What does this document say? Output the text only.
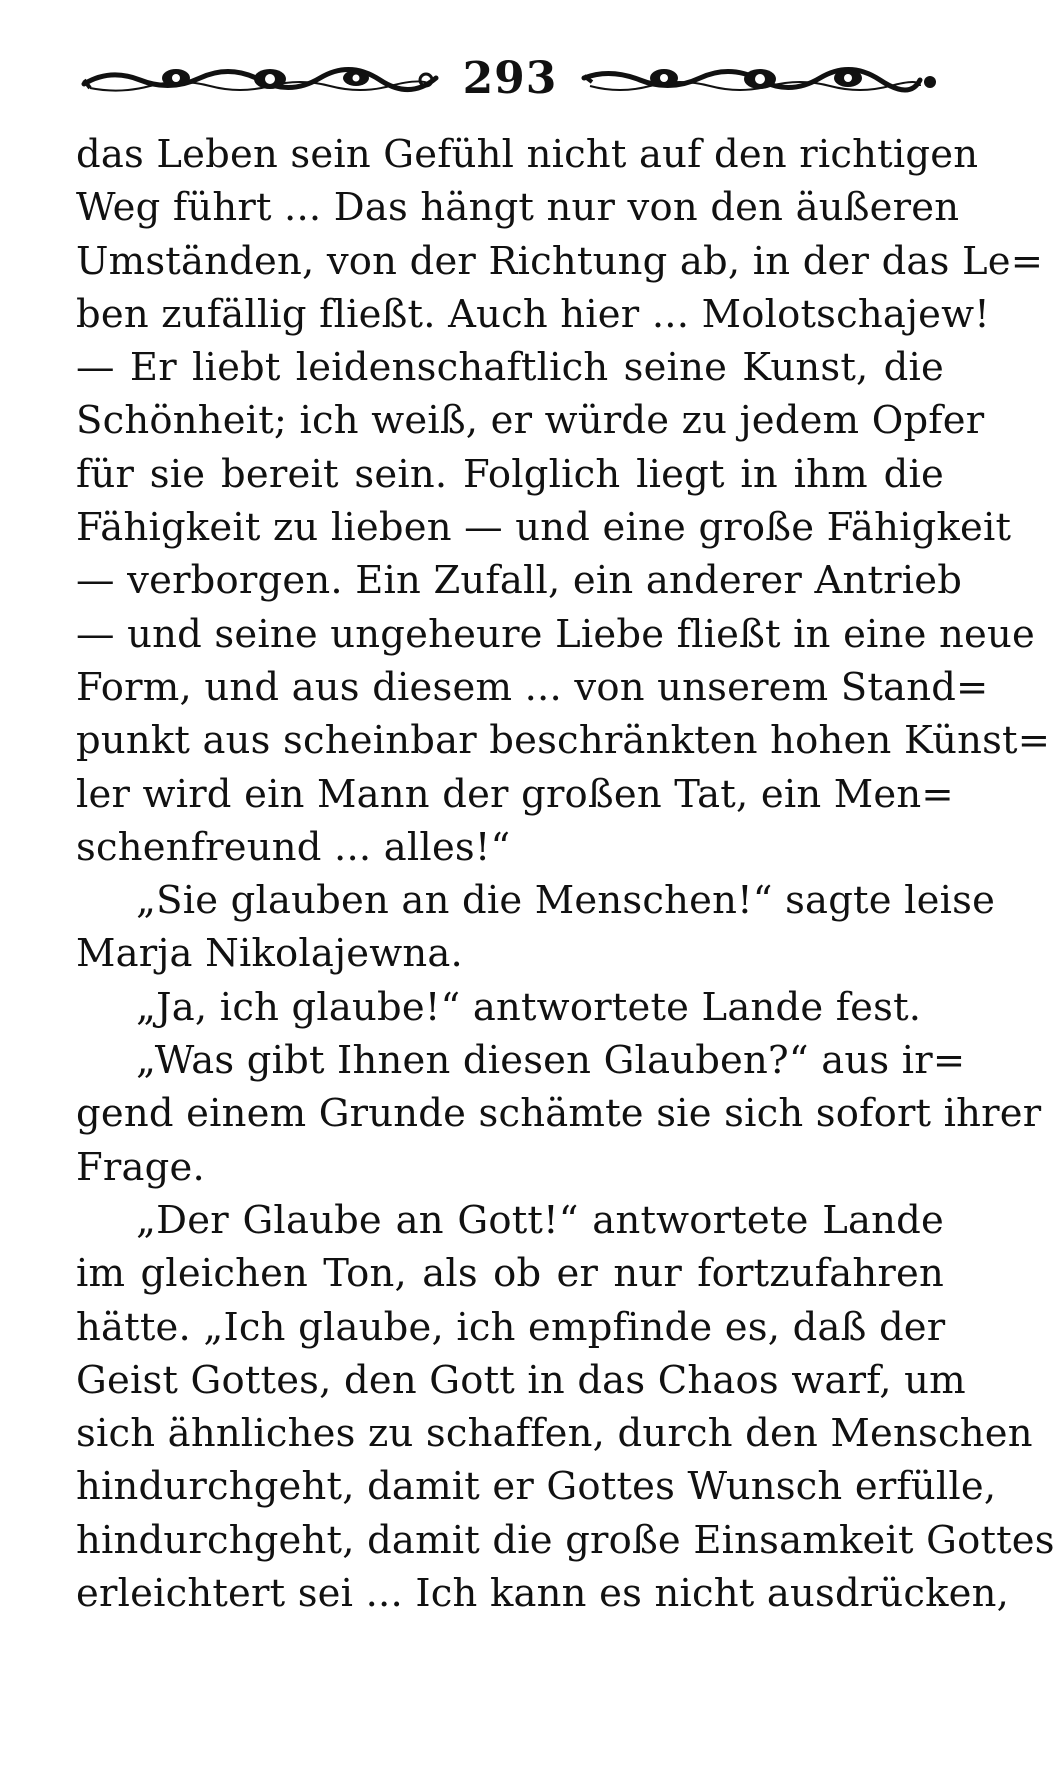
293
das Leben sein Gefühl nicht auf den richtigen
Weg führt ... Das hängt nur von den äußeren
Umständen, von der Richtung ab, in der das Le=
ben zufällig fließt. Auch hier ... Molotschajew!
— Er liebt leidenschaftlich seine Kunst, die
Schönheit; ich weiß, er würde zu jedem Opfer
für sie bereit sein. Folglich liegt in ihm die
Fähigkeit zu lieben — und eine große Fähigkeit
— verborgen. Ein Zufall, ein anderer Antrieb
— und seine ungeheure Liebe fließt in eine neue
Form, und aus diesem ... von unserem Stand=
punkt aus scheinbar beschränkten hohen Künst=
ler wird ein Mann der großen Tat, ein Men=
schenfreund ... alles!“
„Sie glauben an die Menschen!“ sagte leise
Marja Nikolajewna.
„Ja, ich glaube!“ antwortete Lande fest.
„Was gibt Ihnen diesen Glauben?“ aus ir=
gend einem Grunde schämte sie sich sofort ihrer
Frage.
„Der Glaube an Gott!“ antwortete Lande
im gleichen Ton, als ob er nur fortzufahren
hätte. „Ich glaube, ich empfinde es, daß der
Geist Gottes, den Gott in das Chaos warf, um
sich ähnliches zu schaffen, durch den Menschen
hindurchgeht, damit er Gottes Wunsch erfülle,
hindurchgeht, damit die große Einsamkeit Gottes
erleichtert sei ... Ich kann es nicht ausdrücken,
